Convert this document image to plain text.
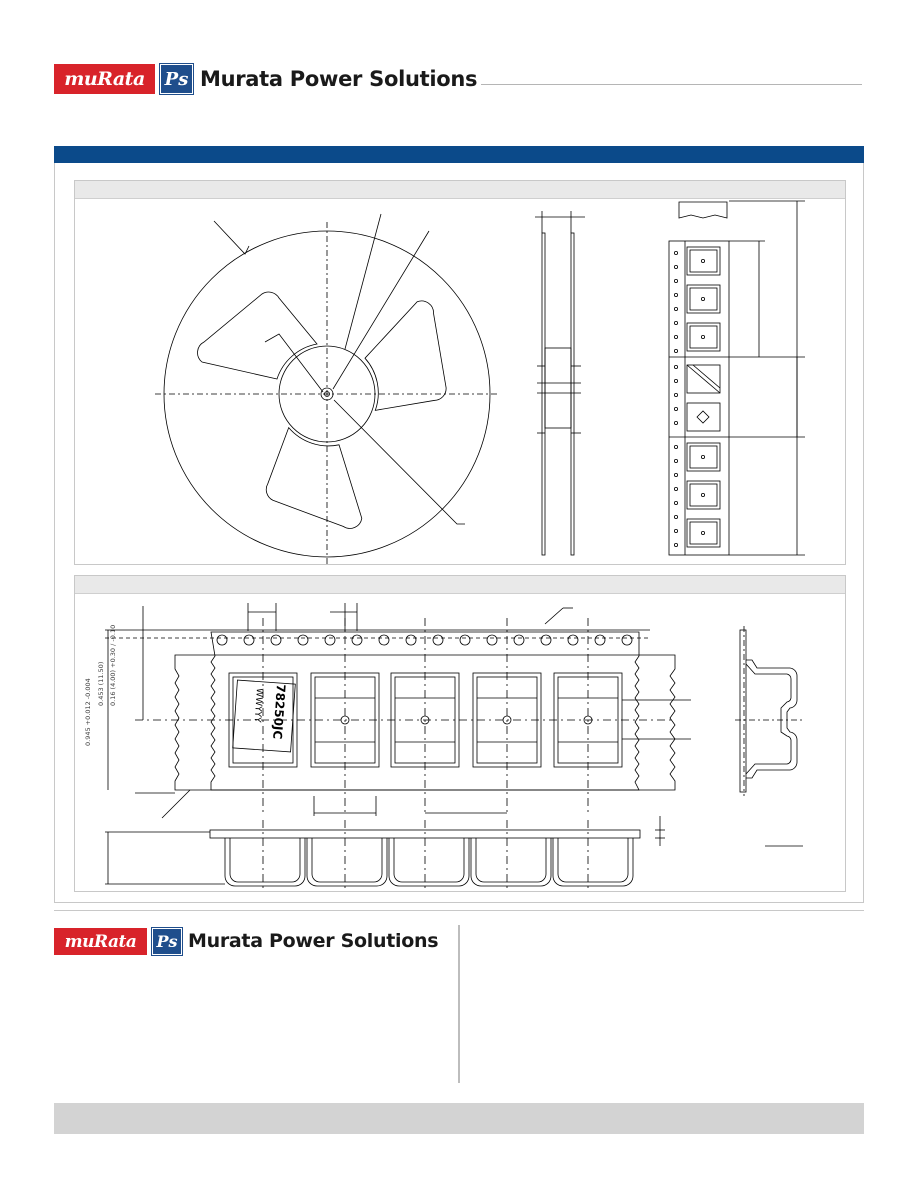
muRata	Ps Murata Power Solutions
0.945 +0.012 -0.004 0.453 (11.50) 0.16 (4.00) +0.30 / -0.10
78250JC
WWYYY
muRata	Ps Murata Power Solutions
